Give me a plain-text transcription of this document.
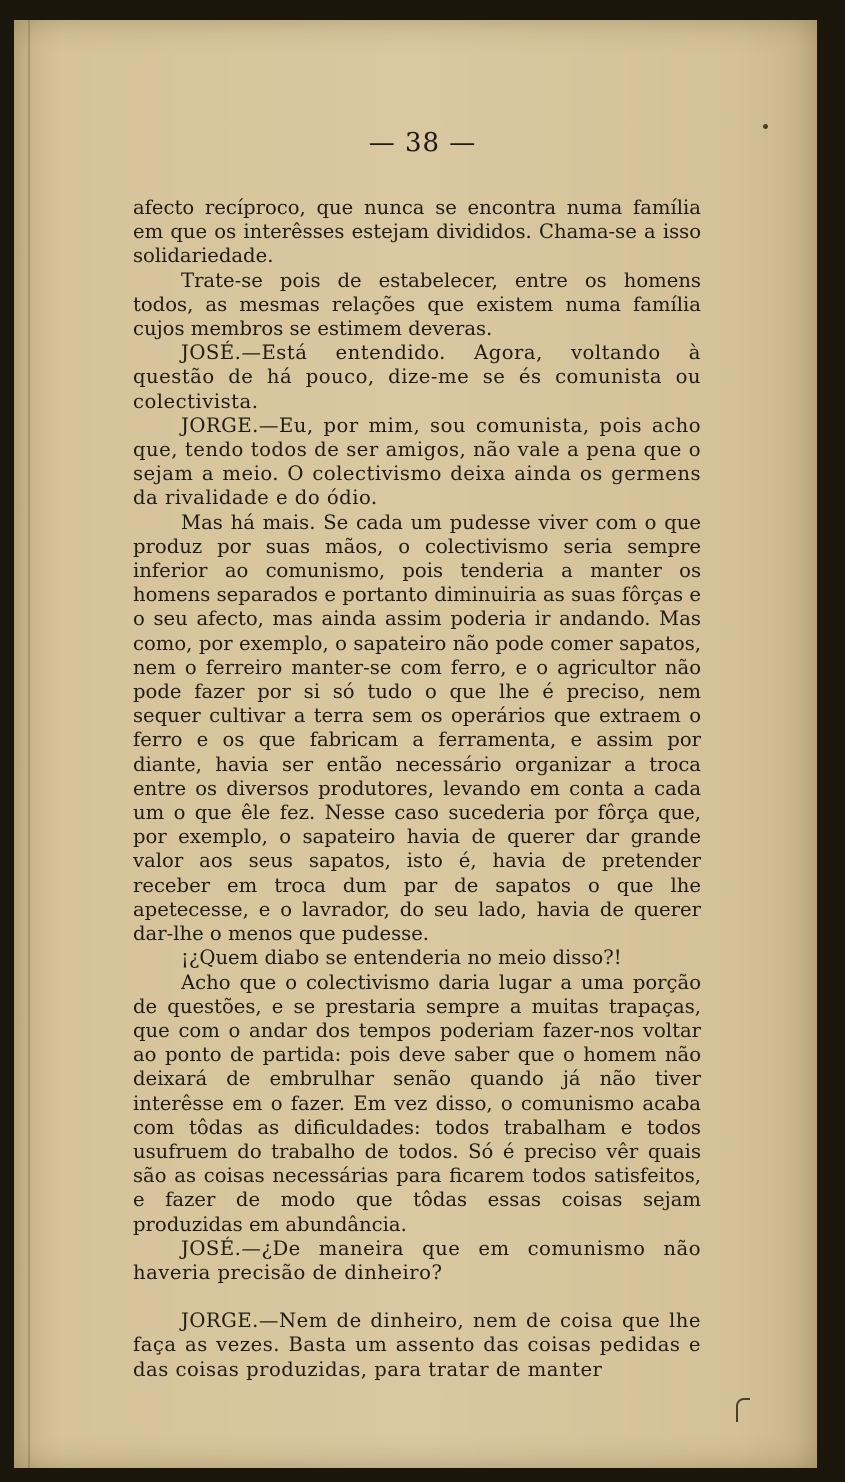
— 38 —

afecto recíproco, que nunca se encontra numa família em que os interêsses estejam divididos. Chama-se a isso solidariedade.

Trate-se pois de estabelecer, entre os homens todos, as mesmas relações que existem numa família cujos membros se estimem deveras.

JOSÉ.—Está entendido. Agora, voltando à questão de há pouco, dize-me se és comunista ou colectivista.

JORGE.—Eu, por mim, sou comunista, pois acho que, tendo todos de ser amigos, não vale a pena que o sejam a meio. O colectivismo deixa ainda os germens da rivalidade e do ódio.

Mas há mais. Se cada um pudesse viver com o que produz por suas mãos, o colectivismo seria sempre inferior ao comunismo, pois tenderia a manter os homens separados e portanto diminuiria as suas fôrças e o seu afecto, mas ainda assim poderia ir andando. Mas como, por exemplo, o sapateiro não pode comer sapatos, nem o ferreiro manter-se com ferro, e o agricultor não pode fazer por si só tudo o que lhe é preciso, nem sequer cultivar a terra sem os operários que extraem o ferro e os que fabricam a ferramenta, e assim por diante, havia ser então necessário organizar a troca entre os diversos produtores, levando em conta a cada um o que êle fez. Nesse caso sucederia por fôrça que, por exemplo, o sapateiro havia de querer dar grande valor aos seus sapatos, isto é, havia de pretender receber em troca dum par de sapatos o que lhe apetecesse, e o lavrador, do seu lado, havia de querer dar-lhe o menos que pudesse.

¡¿Quem diabo se entenderia no meio disso?!

Acho que o colectivismo daria lugar a uma porção de questões, e se prestaria sempre a muitas trapaças, que com o andar dos tempos poderiam fazer-nos voltar ao ponto de partida: pois deve saber que o homem não deixará de embrulhar senão quando já não tiver interêsse em o fazer. Em vez disso, o comunismo acaba com tôdas as dificuldades: todos trabalham e todos usufruem do trabalho de todos. Só é preciso vêr quais são as coisas necessárias para ficarem todos satisfeitos, e fazer de modo que tôdas essas coisas sejam produzidas em abundância.

JOSÉ.—¿De maneira que em comunismo não haveria precisão de dinheiro?

JORGE.—Nem de dinheiro, nem de coisa que lhe faça as vezes. Basta um assento das coisas pedidas e das coisas produzidas, para tratar de manter
